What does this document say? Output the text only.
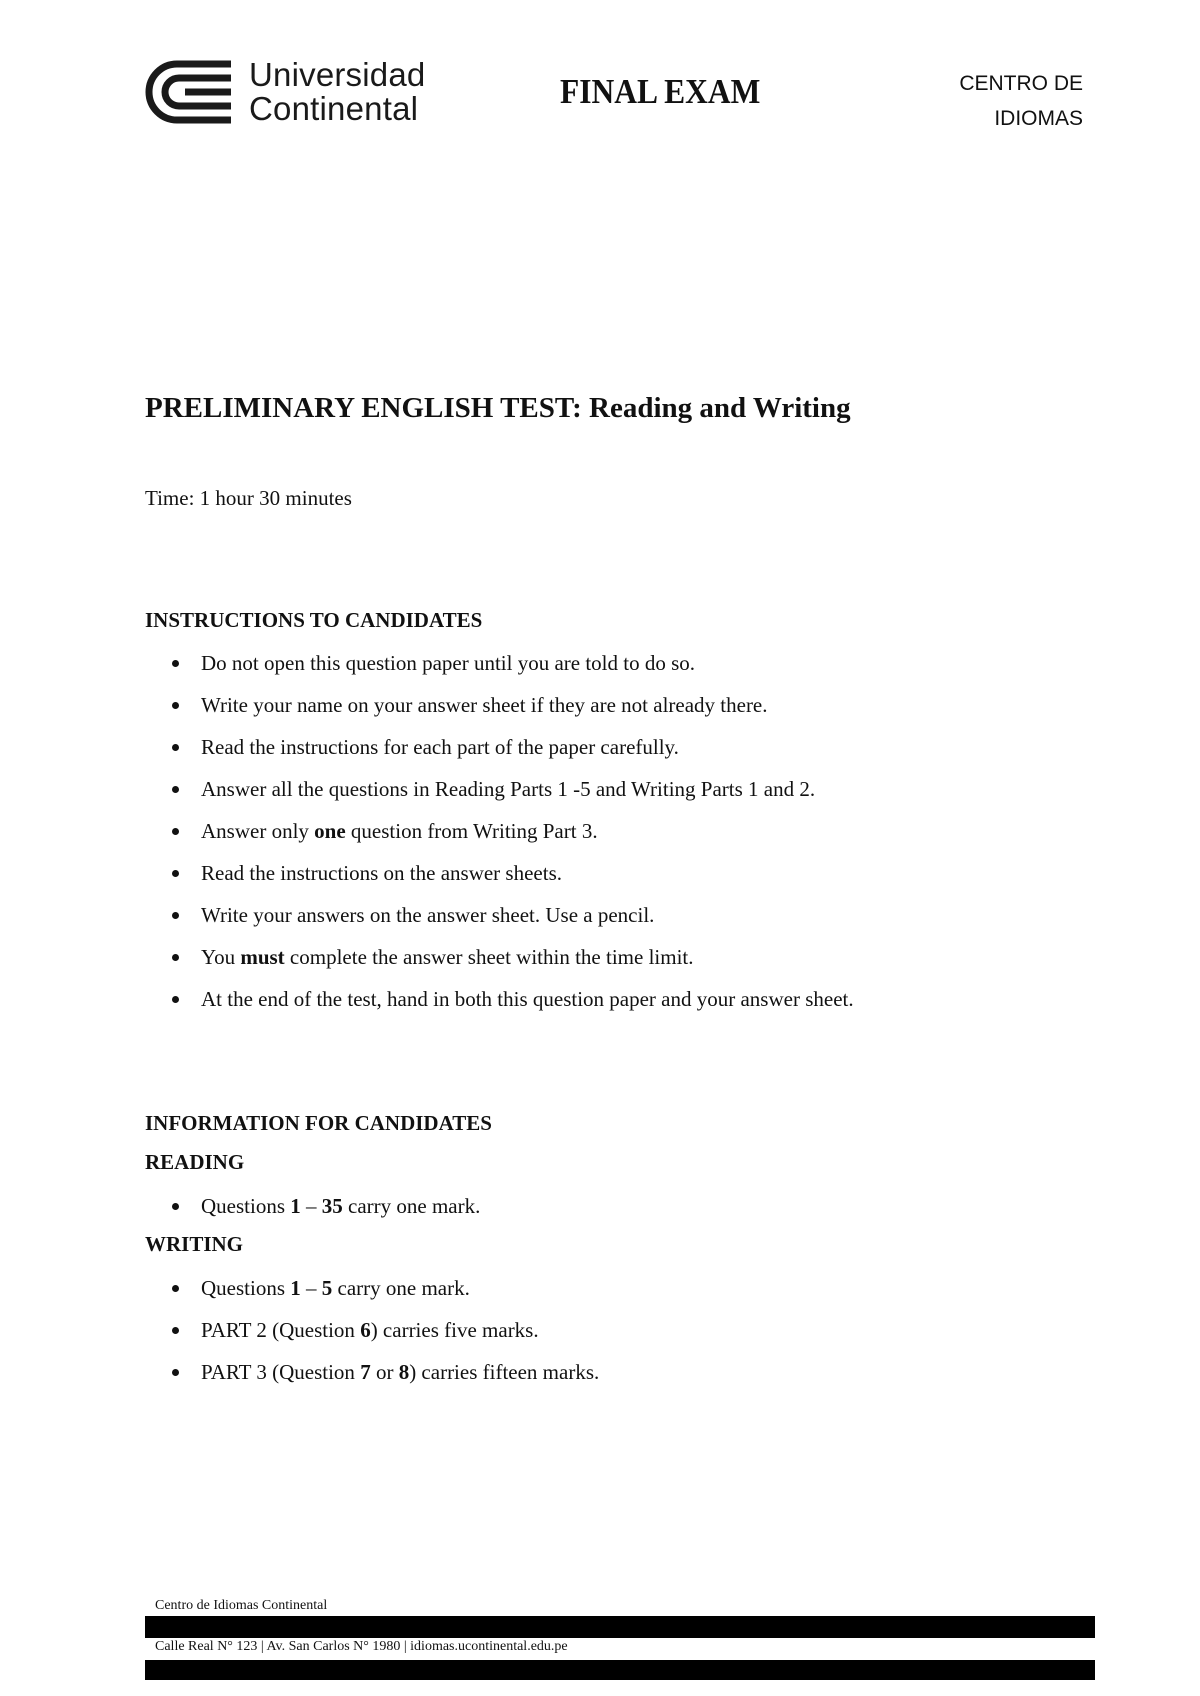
Universidad
Continental	FINAL EXAM	CENTRO DE
IDIOMAS
PRELIMINARY ENGLISH TEST: Reading and Writing

Time: 1 hour 30 minutes

INSTRUCTIONS TO CANDIDATES
Do not open this question paper until you are told to do so.
Write your name on your answer sheet if they are not already there.
Read the instructions for each part of the paper carefully.
Answer all the questions in Reading Parts 1 -5 and Writing Parts 1 and 2.
Answer only one question from Writing Part 3.
Read the instructions on the answer sheets.
Write your answers on the answer sheet. Use a pencil.
You must complete the answer sheet within the time limit.
At the end of the test, hand in both this question paper and your answer sheet.
INFORMATION FOR CANDIDATES
READING
Questions 1 – 35 carry one mark.
WRITING
Questions 1 – 5 carry one mark.
PART 2 (Question 6) carries five marks.
PART 3 (Question 7 or 8) carries fifteen marks.

Centro de Idiomas Continental

Calle Real N° 123 | Av. San Carlos N° 1980 | idiomas.ucontinental.edu.pe
